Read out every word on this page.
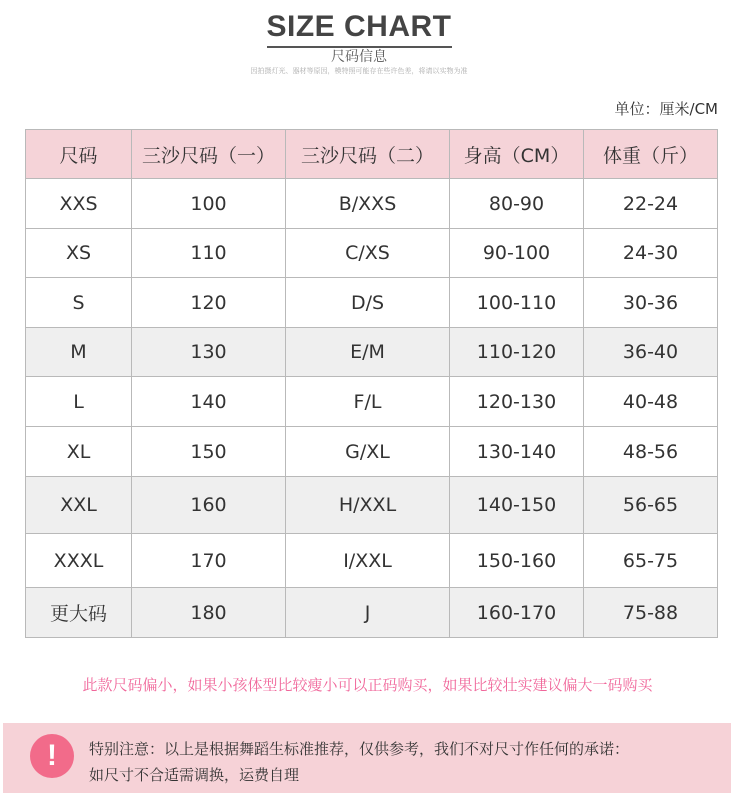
SIZE CHART
尺码信息
因拍摄灯光、器材等原因，模特照可能存在些许色差，将请以实物为准
单位：厘米/CM
尺码	三沙尺码（一）	三沙尺码（二）	身高（CM）	体重（斤）
XXS	100	B/XXS	80-90	22-24
XS	110	C/XS	90-100	24-30
S	120	D/S	100-110	30-36
M	130	E/M	110-120	36-40
L	140	F/L	120-130	40-48
XL	150	G/XL	130-140	48-56
XXL	160	H/XXL	140-150	56-65
XXXL	170	I/XXL	150-160	65-75
更大码	180	J	160-170	75-88
此款尺码偏小，如果小孩体型比较瘦小可以正码购买，如果比较壮实建议偏大一码购买
!	特别注意：以上是根据舞蹈生标准推荐，仅供参考，我们不对尺寸作任何的承诺：
如尺寸不合适需调换，运费自理
